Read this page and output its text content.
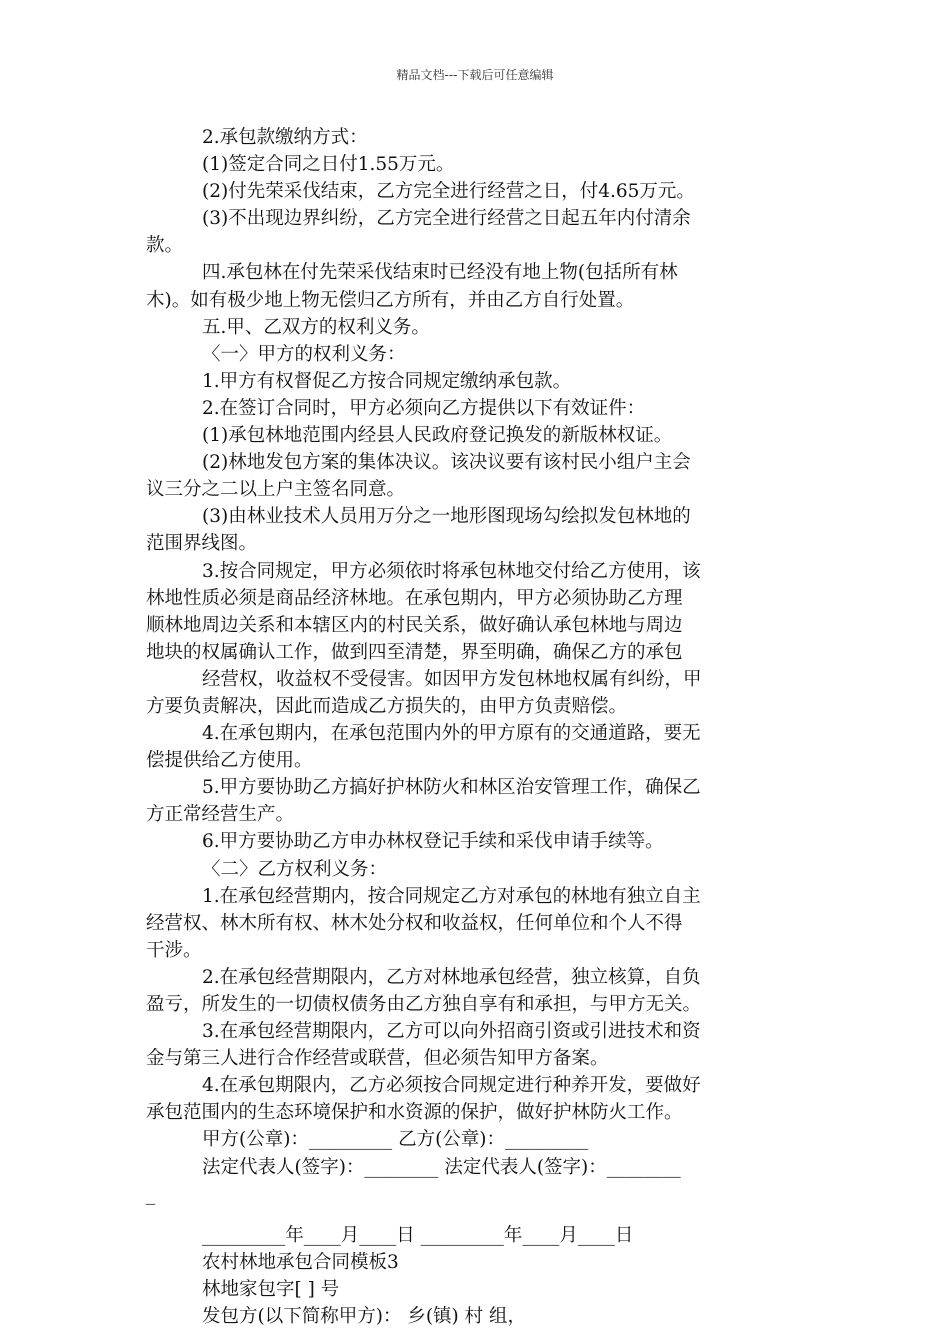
精品文档---下载后可任意编辑

2.承包款缴纳方式：

(1)签定合同之日付1.55万元。

(2)付先荣采伐结束，乙方完全进行经营之日，付4.65万元。

(3)不出现边界纠纷，乙方完全进行经营之日起五年内付清余

款。

四.承包林在付先荣采伐结束时已经没有地上物(包括所有林

木)。如有极少地上物无偿归乙方所有，并由乙方自行处置。

五.甲、乙双方的权利义务。

〈一〉甲方的权利义务：

1.甲方有权督促乙方按合同规定缴纳承包款。

2.在签订合同时，甲方必须向乙方提供以下有效证件：

(1)承包林地范围内经县人民政府登记换发的新版林权证。

(2)林地发包方案的集体决议。该决议要有该村民小组户主会

议三分之二以上户主签名同意。

(3)由林业技术人员用万分之一地形图现场勾绘拟发包林地的

范围界线图。

3.按合同规定，甲方必须依时将承包林地交付给乙方使用，该

林地性质必须是商品经济林地。在承包期内，甲方必须协助乙方理

顺林地周边关系和本辖区内的村民关系，做好确认承包林地与周边

地块的权属确认工作，做到四至清楚，界至明确，确保乙方的承包

经营权，收益权不受侵害。如因甲方发包林地权属有纠纷，甲

方要负责解决，因此而造成乙方损失的，由甲方负责赔偿。

4.在承包期内，在承包范围内外的甲方原有的交通道路，要无

偿提供给乙方使用。

5.甲方要协助乙方搞好护林防火和林区治安管理工作，确保乙

方正常经营生产。

6.甲方要协助乙方申办林权登记手续和采伐申请手续等。

〈二〉乙方权利义务：

1.在承包经营期内，按合同规定乙方对承包的林地有独立自主

经营权、林木所有权、林木处分权和收益权，任何单位和个人不得

干涉。

2.在承包经营期限内，乙方对林地承包经营，独立核算，自负

盈亏，所发生的一切债权债务由乙方独自享有和承担，与甲方无关。

3.在承包经营期限内，乙方可以向外招商引资或引进技术和资

金与第三人进行合作经营或联营，但必须告知甲方备案。

4.在承包期限内，乙方必须按合同规定进行种养开发，要做好

承包范围内的生态环境保护和水资源的保护，做好护林防火工作。

甲方(公章)：_________ 乙方(公章)：_________

法定代表人(签字)：________ 法定代表人(签字)：________

_

_________年____月____日 _________年____月____日

农村林地承包合同模板3

林地家包字[ ] 号

发包方(以下简称甲方)： 乡(镇) 村 组，
